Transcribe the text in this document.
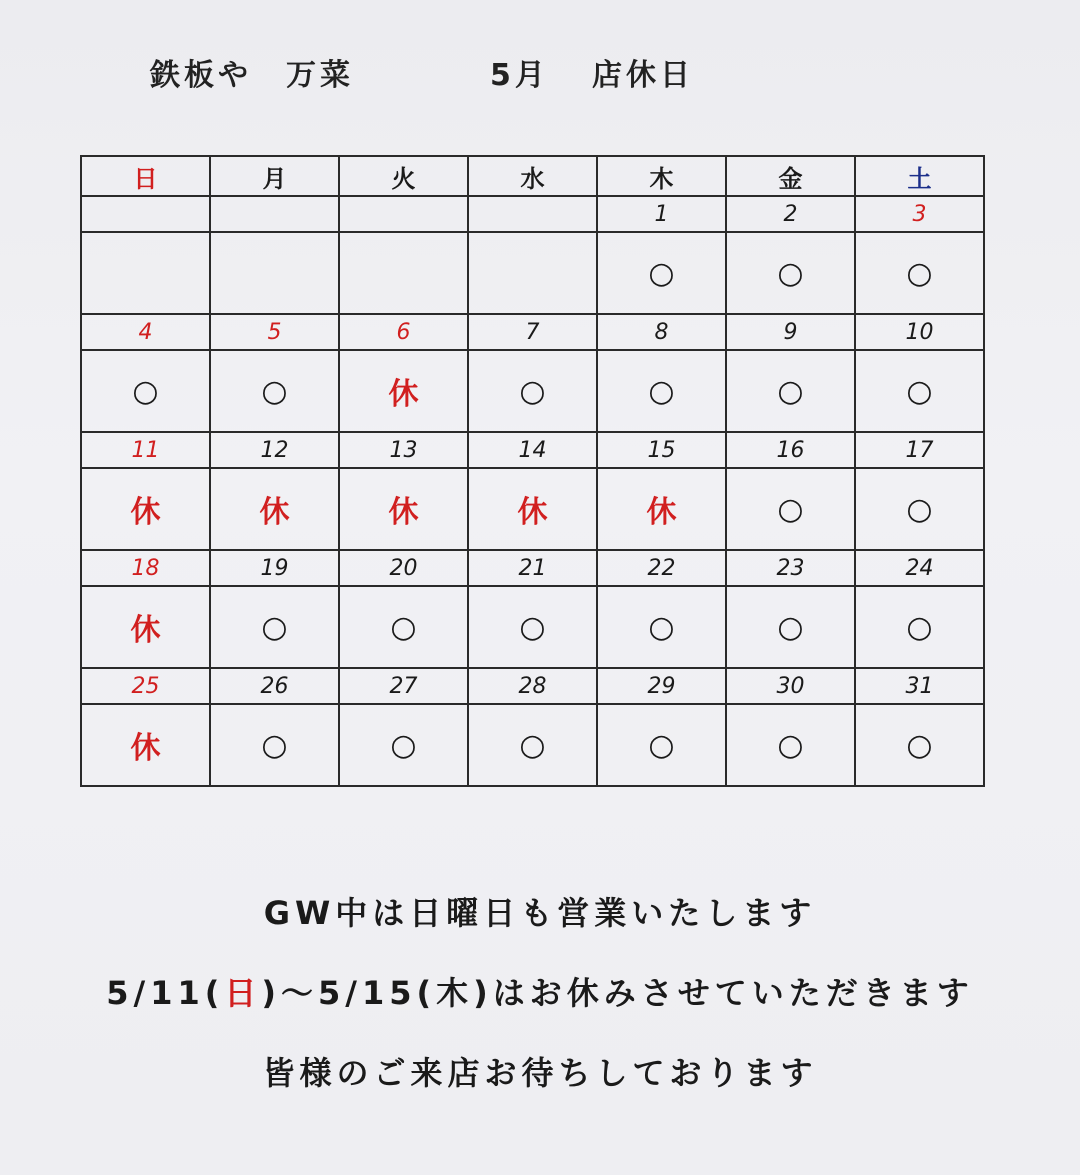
鉄板や　万菜	5月 店休日
日	月	火	水	木	金	土
				1	2	3
				○	○	○
4	5	6	7	8	9	10
○	○	休	○	○	○	○
11	12	13	14	15	16	17
休	休	休	休	休	○	○
18	19	20	21	22	23	24
休	○	○	○	○	○	○
25	26	27	28	29	30	31
休	○	○	○	○	○	○
GW中は日曜日も営業いたします
5/11(日)～5/15(木)はお休みさせていただきます
皆様のご来店お待ちしております
